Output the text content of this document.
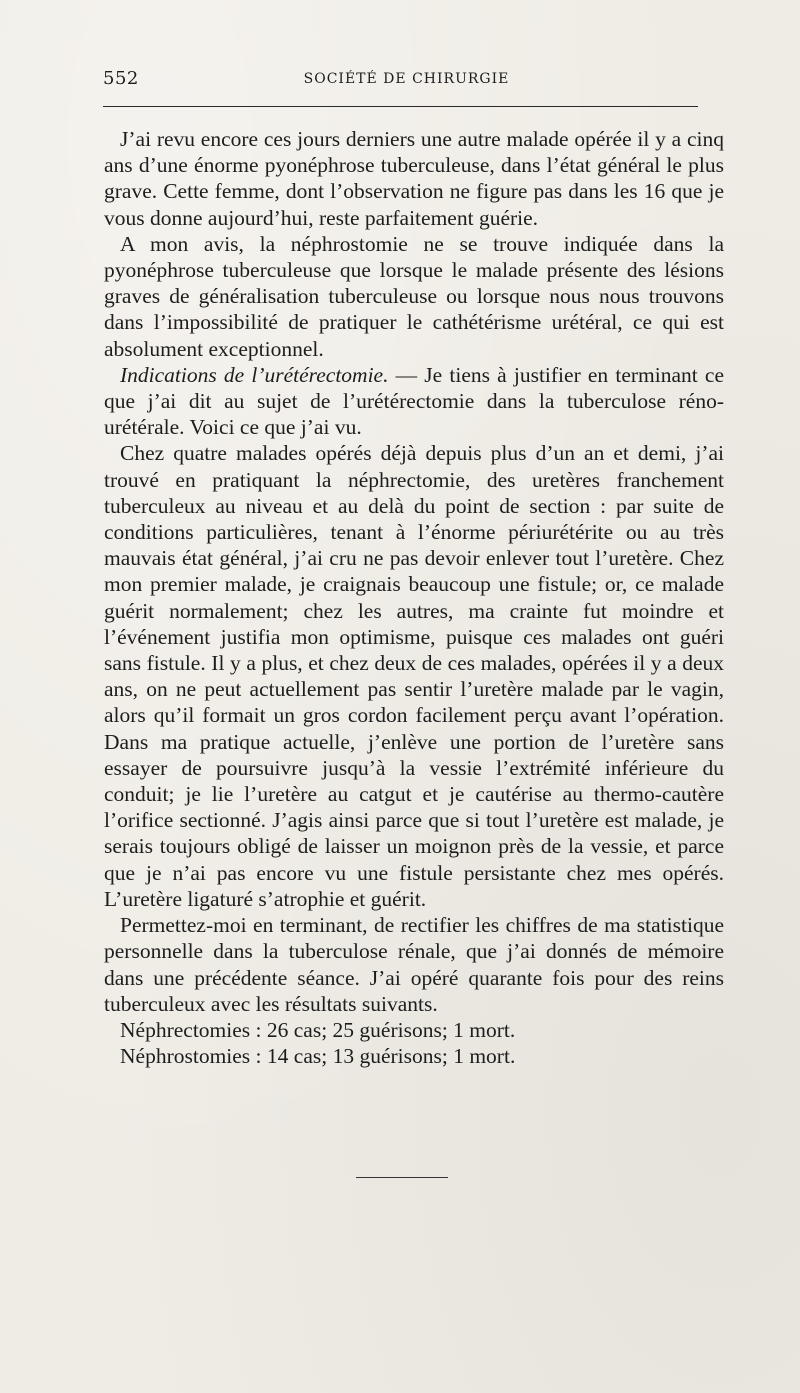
552	SOCIÉTÉ DE CHIRURGIE

J’ai revu encore ces jours derniers une autre malade opérée il y a cinq ans d’une énorme pyonéphrose tuberculeuse, dans l’état général le plus grave. Cette femme, dont l’observation ne figure pas dans les 16 que je vous donne aujourd’hui, reste parfaitement guérie.

A mon avis, la néphrostomie ne se trouve indiquée dans la pyonéphrose tuberculeuse que lorsque le malade présente des lésions graves de généralisation tuberculeuse ou lorsque nous nous trouvons dans l’impossibilité de pratiquer le cathétérisme urétéral, ce qui est absolument exceptionnel.

Indications de l’urétérectomie. — Je tiens à justifier en terminant ce que j’ai dit au sujet de l’urétérectomie dans la tuberculose réno-urétérale. Voici ce que j’ai vu.

Chez quatre malades opérés déjà depuis plus d’un an et demi, j’ai trouvé en pratiquant la néphrectomie, des uretères franchement tuberculeux au niveau et au delà du point de section : par suite de conditions particulières, tenant à l’énorme périurétérite ou au très mauvais état général, j’ai cru ne pas devoir enlever tout l’uretère. Chez mon premier malade, je craignais beaucoup une fistule; or, ce malade guérit normalement; chez les autres, ma crainte fut moindre et l’événement justifia mon optimisme, puisque ces malades ont guéri sans fistule. Il y a plus, et chez deux de ces malades, opérées il y a deux ans, on ne peut actuellement pas sentir l’uretère malade par le vagin, alors qu’il formait un gros cordon facilement perçu avant l’opération. Dans ma pratique actuelle, j’enlève une portion de l’uretère sans essayer de poursuivre jusqu’à la vessie l’extrémité inférieure du conduit; je lie l’uretère au catgut et je cautérise au thermo-cautère l’orifice sectionné. J’agis ainsi parce que si tout l’uretère est malade, je serais toujours obligé de laisser un moignon près de la vessie, et parce que je n’ai pas encore vu une fistule persistante chez mes opérés. L’uretère ligaturé s’atrophie et guérit.

Permettez-moi en terminant, de rectifier les chiffres de ma statistique personnelle dans la tuberculose rénale, que j’ai donnés de mémoire dans une précédente séance. J’ai opéré quarante fois pour des reins tuberculeux avec les résultats suivants.

Néphrectomies : 26 cas; 25 guérisons; 1 mort.

Néphrostomies : 14 cas; 13 guérisons; 1 mort.
